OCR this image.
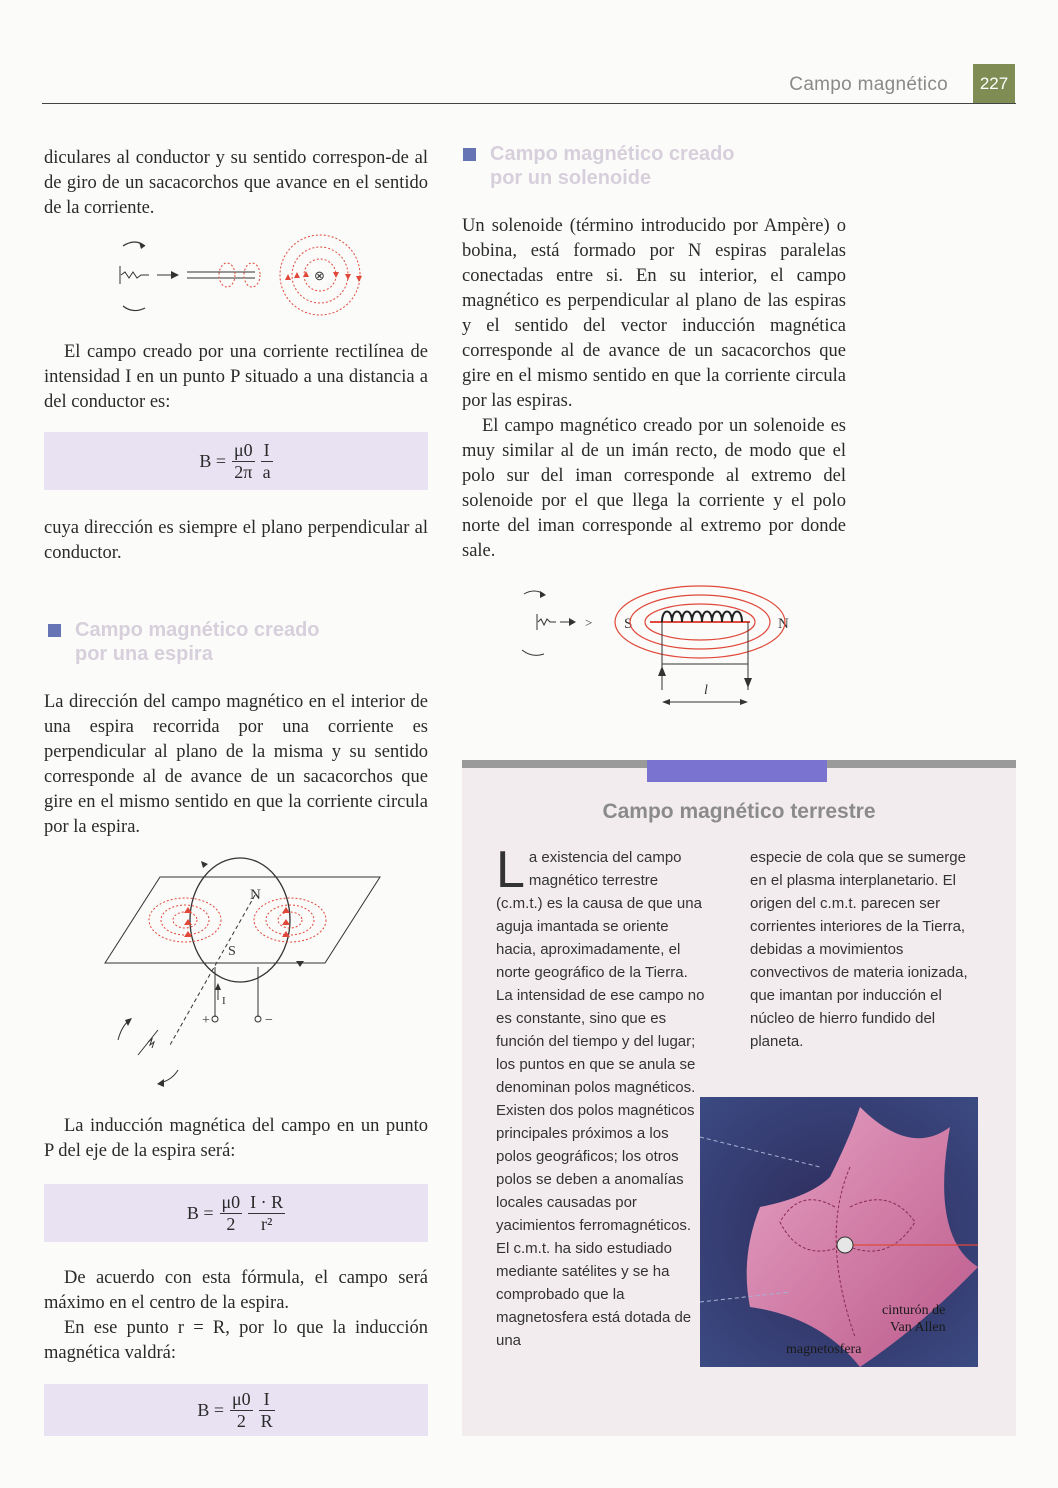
Campo magnético	227

diculares al conductor y su sentido correspon-de al de giro de un sacacorchos que avance en el sentido de la corriente.

⊗

El campo creado por una corriente rectilínea de intensidad I en un punto P situado a una distancia a del conductor es:

$B = \frac{\mu 0}{2\pi} \frac{I}{a}$

cuya dirección es siempre el plano perpendicular al conductor.

Campo magnético creado
por una espira

La dirección del campo magnético en el interior de una espira recorrida por una corriente es perpendicular al plano de la misma y su sentido corresponde al de avance de un sacacorchos que gire en el mismo sentido en que la corriente circula por la espira.

N
S
I
+	−

La inducción magnética del campo en un punto P del eje de la espira será:

$B = \frac{\mu 0}{2} \frac{I \cdot R}{\text{r²}}$

De acuerdo con esta fórmula, el campo será máximo en el centro de la espira.

En ese punto r = R, por lo que la inducción magnética valdrá:

$B = \frac{\mu 0}{2} \frac{I}{R}$
Campo magnético creado
por un solenoide

Un solenoide (término introducido por Ampère) o bobina, está formado por N espiras paralelas conectadas entre si. En su interior, el campo magnético es perpendicular al plano de las espiras y el sentido del vector inducción magnética corresponde al de avance de un sacacorchos que gire en el mismo sentido en que la corriente circula por las espiras.

El campo magnético creado por un solenoide es muy similar al de un imán recto, de modo que el polo sur del iman corresponde al extremo del solenoide por el que llega la corriente y el polo norte del iman corresponde al extremo por donde sale.

> S	N
l
Campo magnético terrestre
L a existencia del campo magnético terrestre (c.m.t.) es la causa de que una aguja imantada se oriente hacia, aproximadamente, el norte geográfico de la Tierra. La intensidad de ese campo no es constante, sino que es función del tiempo y del lugar; los puntos en que se anula se denominan polos magnéticos. Existen dos polos magnéticos principales próximos a los polos geográficos; los otros polos se deben a anomalías locales causadas por yacimientos ferromagnéticos. El c.m.t. ha sido estudiado mediante satélites y se ha comprobado que la magnetosfera está dotada de una

especie de cola que se sumerge en el plasma interplanetario. El origen del c.m.t. parecen ser corrientes interiores de la Tierra, debidas a movimientos convectivos de materia ionizada, que imantan por inducción el núcleo de hierro fundido del planeta.

cinturón de
Van Allen
magnetosfera
